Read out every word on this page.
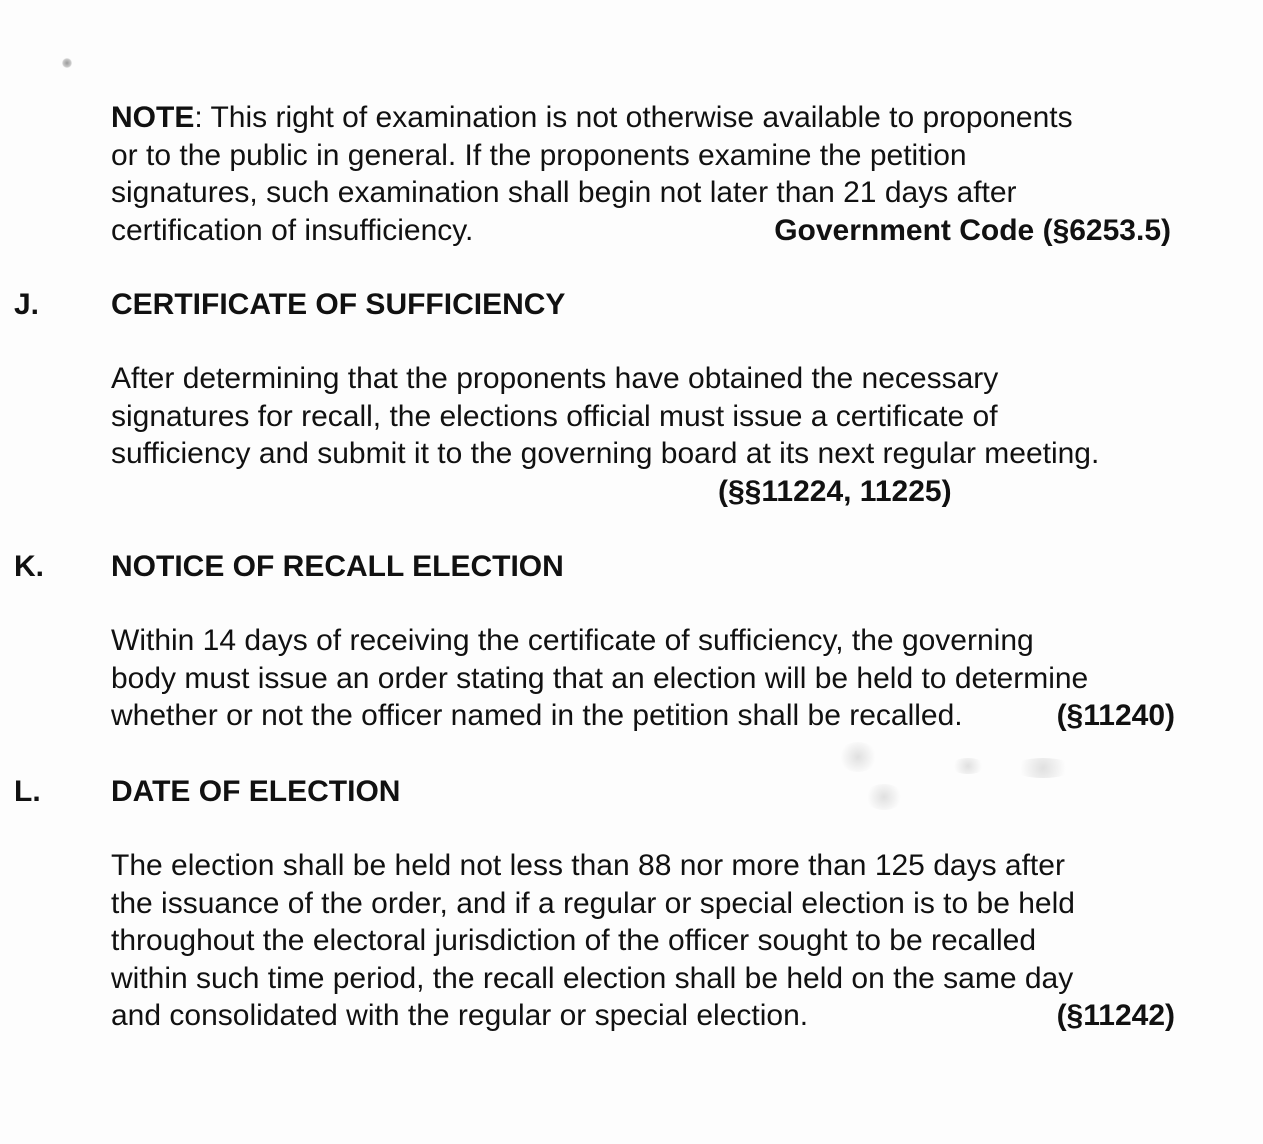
NOTE: This right of examination is not otherwise available to proponents
or to the public in general. If the proponents examine the petition
signatures, such examination shall begin not later than 21 days after
certification of insufficiency.	Government Code (§6253.5)
J. CERTIFICATE OF SUFFICIENCY
After determining that the proponents have obtained the necessary
signatures for recall, the elections official must issue a certificate of
sufficiency and submit it to the governing board at its next regular meeting.
(§§11224, 11225)
K. NOTICE OF RECALL ELECTION
Within 14 days of receiving the certificate of sufficiency, the governing
body must issue an order stating that an election will be held to determine
whether or not the officer named in the petition shall be recalled.	(§11240)
L. DATE OF ELECTION
The election shall be held not less than 88 nor more than 125 days after
the issuance of the order, and if a regular or special election is to be held
throughout the electoral jurisdiction of the officer sought to be recalled
within such time period, the recall election shall be held on the same day
and consolidated with the regular or special election.	(§11242)
